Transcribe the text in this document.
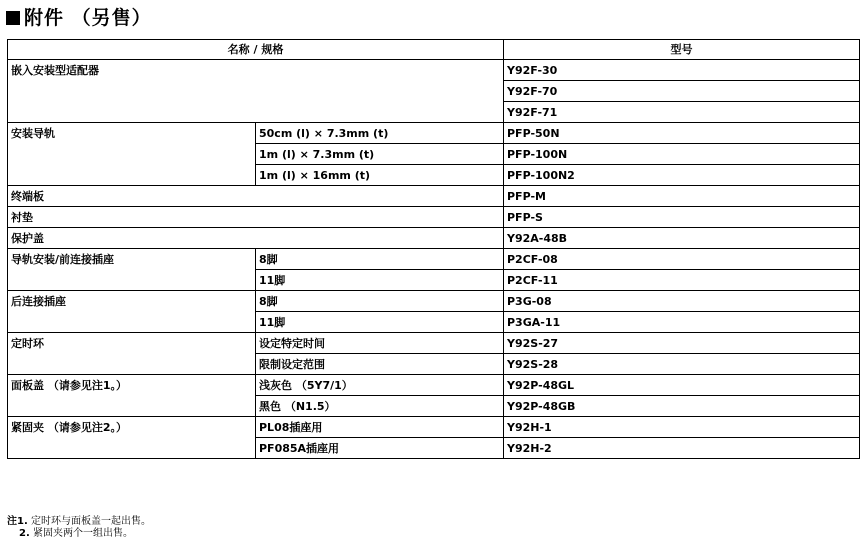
附件 （另售）
名称 / 规格		型号
嵌入安装型适配器		Y92F-30
		Y92F-70
		Y92F-71
安装导轨	50cm (l) × 7.3mm (t)	PFP-50N
	1m (l) × 7.3mm (t)	PFP-100N
	1m (l) × 16mm (t)	PFP-100N2
终端板		PFP-M
衬垫		PFP-S
保护盖		Y92A-48B
导轨安装/前连接插座	8脚	P2CF-08
	11脚	P2CF-11
后连接插座	8脚	P3G-08
	11脚	P3GA-11
定时环	设定特定时间	Y92S-27
	限制设定范围	Y92S-28
面板盖 （请参见注1。）	浅灰色 （5Y7/1）	Y92P-48GL
	黑色 （N1.5）	Y92P-48GB
紧固夹 （请参见注2。）	PL08插座用	Y92H-1
	PF085A插座用	Y92H-2
注1. 定时环与面板盖一起出售。
2. 紧固夹两个一组出售。
